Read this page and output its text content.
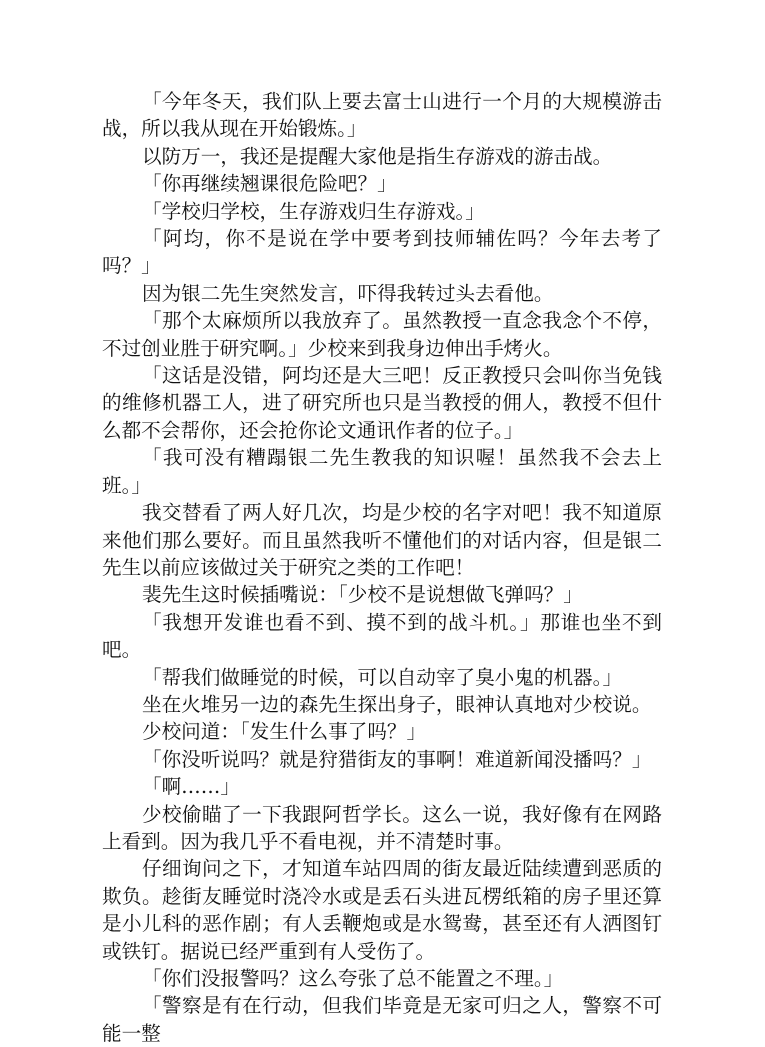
「今年冬天，我们队上要去富士山进行一个月的大规模游击战，所以我从现在开始锻炼。」

以防万一，我还是提醒大家他是指生存游戏的游击战。

「你再继续翘课很危险吧？」

「学校归学校，生存游戏归生存游戏。」

「阿均，你不是说在学中要考到技师辅佐吗？今年去考了吗？」

因为银二先生突然发言，吓得我转过头去看他。

「那个太麻烦所以我放弃了。虽然教授一直念我念个不停，不过创业胜于研究啊。」少校来到我身边伸出手烤火。

「这话是没错，阿均还是大三吧！反正教授只会叫你当免钱的维修机器工人，进了研究所也只是当教授的佣人，教授不但什么都不会帮你，还会抢你论文通讯作者的位子。」

「我可没有糟蹋银二先生教我的知识喔！虽然我不会去上班。」

我交替看了两人好几次，均是少校的名字对吧！我不知道原来他们那么要好。而且虽然我听不懂他们的对话内容，但是银二先生以前应该做过关于研究之类的工作吧！

裴先生这时候插嘴说：「少校不是说想做飞弹吗？」

「我想开发谁也看不到、摸不到的战斗机。」那谁也坐不到吧。

「帮我们做睡觉的时候，可以自动宰了臭小鬼的机器。」

坐在火堆另一边的森先生探出身子，眼神认真地对少校说。

少校问道：「发生什么事了吗？」

「你没听说吗？就是狩猎街友的事啊！难道新闻没播吗？」

「啊……」

少校偷瞄了一下我跟阿哲学长。这么一说，我好像有在网路上看到。因为我几乎不看电视，并不清楚时事。

仔细询问之下，才知道车站四周的街友最近陆续遭到恶质的欺负。趁街友睡觉时浇冷水或是丢石头进瓦楞纸箱的房子里还算是小儿科的恶作剧；有人丢鞭炮或是水鸳鸯，甚至还有人洒图钉或铁钉。据说已经严重到有人受伤了。

「你们没报警吗？这么夸张了总不能置之不理。」

「警察是有在行动，但我们毕竟是无家可归之人，警察不可能一整
